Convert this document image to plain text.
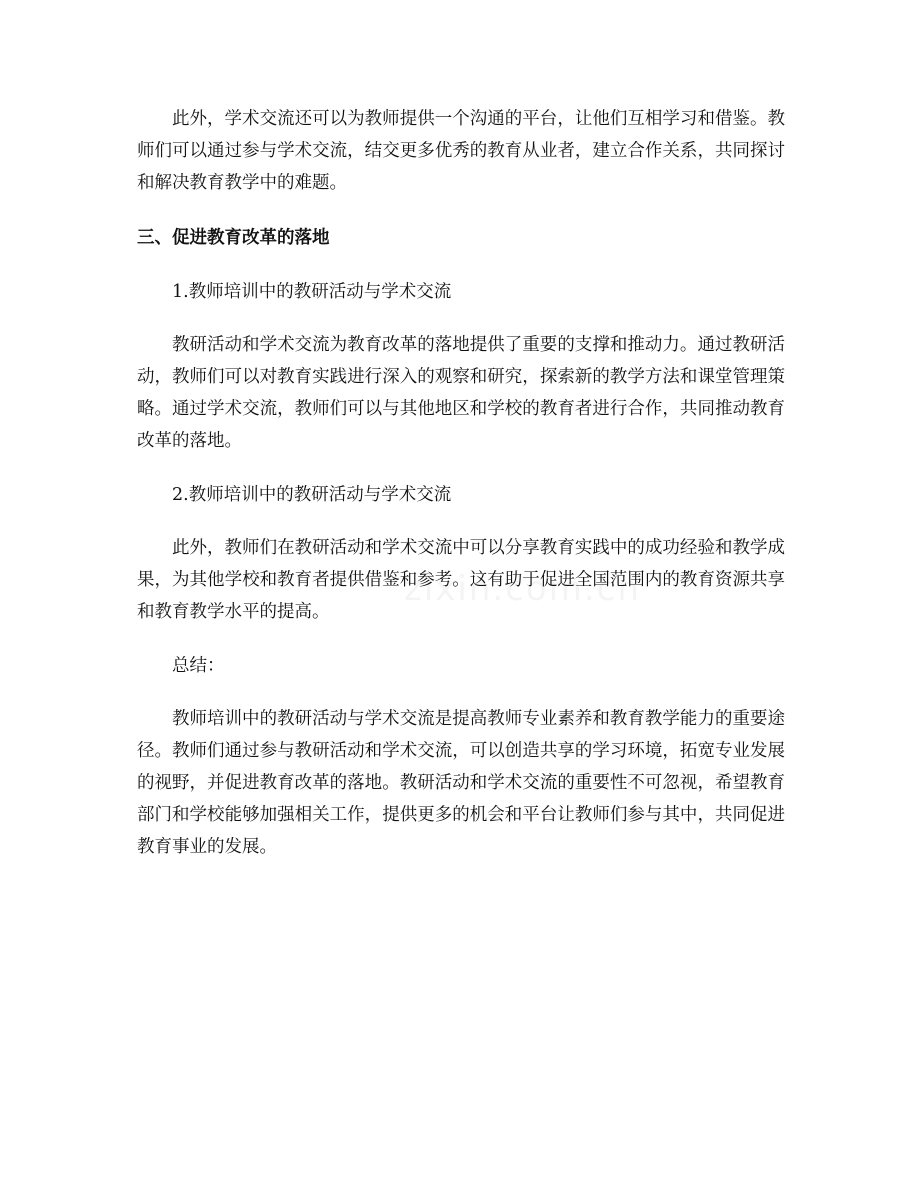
此外，学术交流还可以为教师提供一个沟通的平台，让他们互相学习和借鉴。教师们可以通过参与学术交流，结交更多优秀的教育从业者，建立合作关系，共同探讨和解决教育教学中的难题。

三、促进教育改革的落地

1.教师培训中的教研活动与学术交流

教研活动和学术交流为教育改革的落地提供了重要的支撑和推动力。通过教研活动，教师们可以对教育实践进行深入的观察和研究，探索新的教学方法和课堂管理策略。通过学术交流，教师们可以与其他地区和学校的教育者进行合作，共同推动教育改革的落地。

2.教师培训中的教研活动与学术交流

此外，教师们在教研活动和学术交流中可以分享教育实践中的成功经验和教学成果，为其他学校和教育者提供借鉴和参考。这有助于促进全国范围内的教育资源共享和教育教学水平的提高。

总结：

教师培训中的教研活动与学术交流是提高教师专业素养和教育教学能力的重要途径。教师们通过参与教研活动和学术交流，可以创造共享的学习环境，拓宽专业发展的视野，并促进教育改革的落地。教研活动和学术交流的重要性不可忽视，希望教育部门和学校能够加强相关工作，提供更多的机会和平台让教师们参与其中，共同促进教育事业的发展。
